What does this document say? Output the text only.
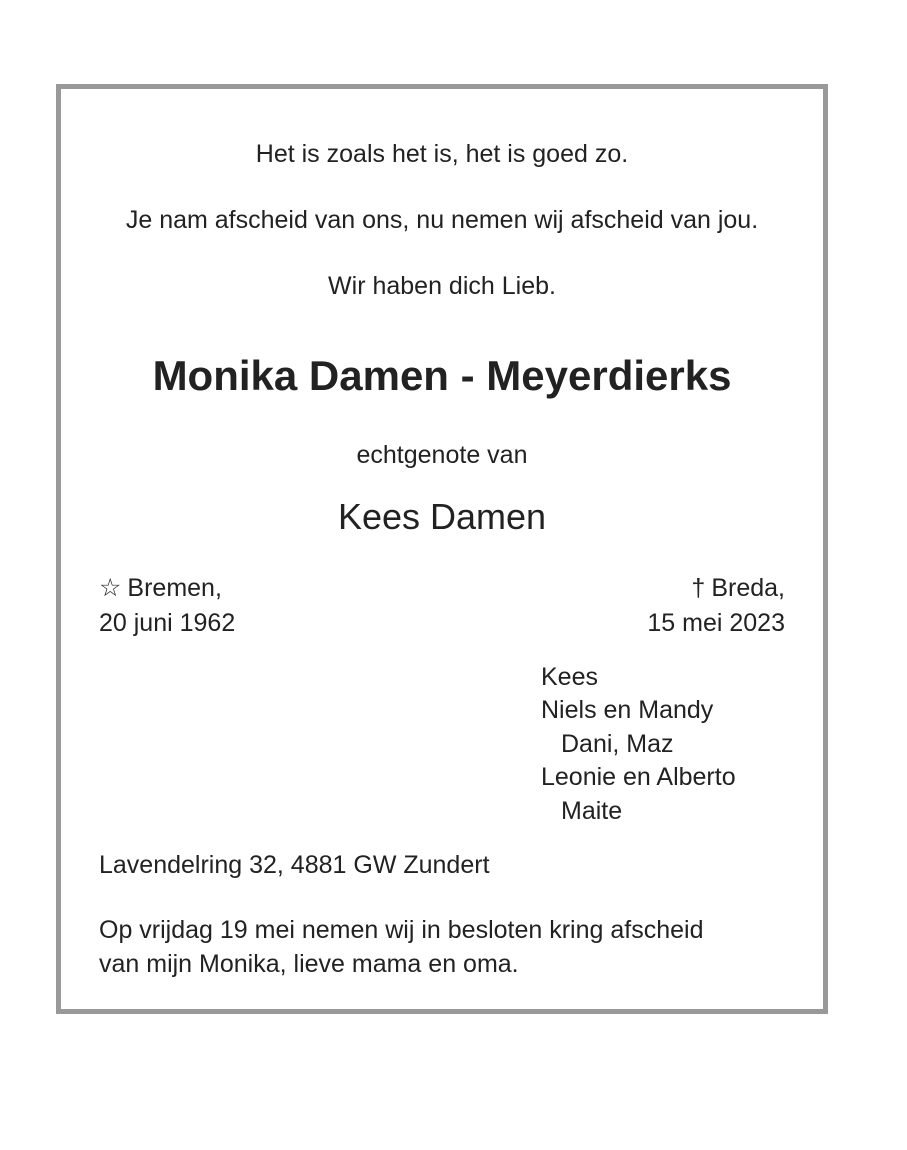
Het is zoals het is, het is goed zo.
Je nam afscheid van ons, nu nemen wij afscheid van jou.
Wir haben dich Lieb.
Monika Damen - Meyerdierks
echtgenote van
Kees Damen
☆ Bremen,
20 juni 1962
† Breda,
15 mei 2023
Kees
Niels en Mandy
Dani, Maz
Leonie en Alberto
Maite
Lavendelring 32, 4881 GW Zundert
Op vrijdag 19 mei nemen wij in besloten kring afscheid
van mijn Monika, lieve mama en oma.
